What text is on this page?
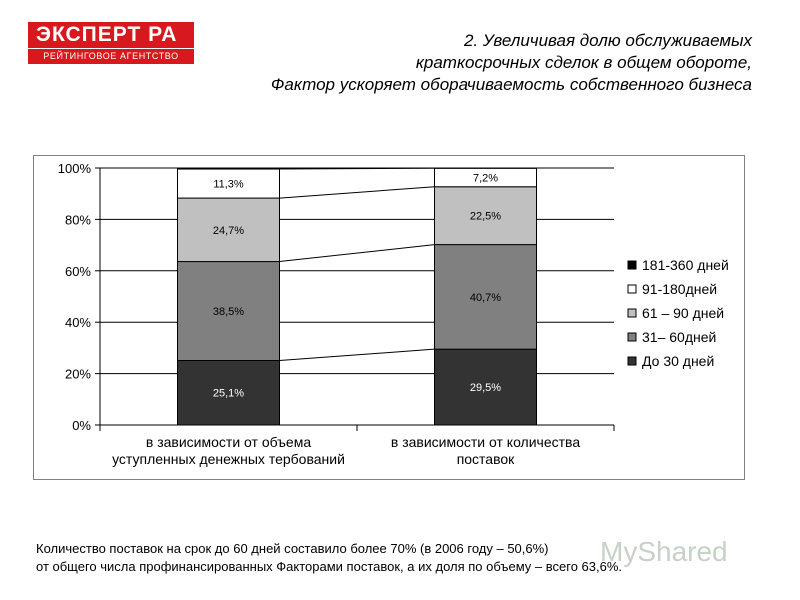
ЭКСПЕРТ РА
РЕЙТИНГОВОЕ АГЕНТСТВО
2. Увеличивая долю обслуживаемых
краткосрочных сделок в общем обороте,
Фактор ускоряет оборачиваемость собственного бизнеса
0%
20%
40%
60%
80%
100%
25,1%
38,5%
24,7%
11,3%
в зависимости от объема
уступленных денежных тербований
29,5%
40,7%
22,5%
7,2%
в зависимости от количества
поставок
181-360 дней
91-180дней
61 – 90 дней
31– 60дней
До 30 дней
Количество поставок на срок до 60 дней составило более 70% (в 2006 году – 50,6%)
от общего числа профинансированных Факторами поставок, а их доля по объему – всего 63,6%.
MyShared
